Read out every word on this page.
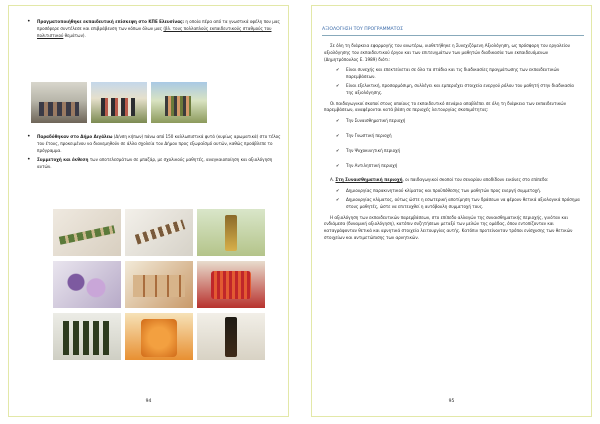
• Πραγματοποιήθηκε εκπαιδευτική επίσκεψη στο ΚΠΕ Ελευσίνας: η οποία πέρα από τα γνωστικά οφέλη που μας προσέφερε συντέλεσε και επιβράβευση των κόπων όλων μας (βλ. τους πολλαπλούς εκπαιδευτικούς σταθμούς του πολιτιστικού θεμάτων).
• Παραδόθηκαν στο Δήμο Αιγάλεω (Δ/νση κήπων) πάνω από 150 καλλωπιστικά φυτά (κυρίως αρωματικά) στο τέλος του έτους, προκειμένου να διανεμηθούν σε άλλα σχολεία του Δήμου προς εξωραϊσμό αυτών, καθώς προάβλεπε το πρόγραμμα.
• Συμμετοχή και έκθεση των αποτελεσμάτων σε μπαζάρ, με σχολικούς μαθητές, αναγκαιοποίηση και αξιολόγηση αυτών.
94
ΑΞΙΟΛΟΓΗΣΗ ΤΟΥ ΠΡΟΓΡΑΜΜΑΤΟΣ

Σε όλη τη διάρκεια εφαρμογής του ανωτέρω, υιοθετήθηκε η Συνεχιζόμενη Αξιολόγηση, ως πρόσφορη του εργαλείου αξιολόγησης του εκπαιδευτικού έργου και των επιτευγμάτων των μαθητών διαδικασία των εκπαιδευόμενων (Δημητρόπουλος Ε. 1989) διότι:

✔ Είναι συνεχής και επεκτείνεται σε όλα τα στάδια και τις διαδικασίες πραγμάτωσης των εκπαιδευτικών παρεμβάσεων.
✔ Είναι εξελικτική, προσαρμόσιμη, συλλέγει και εμπεριέχει στοιχεία ενεργού ρόλου του μαθητή στην διαδικασία της αξιολόγησης.

Οι παιδαγωγικοί σκοποί στους οποίους το εκπαιδευτικό σενάριο απαβλέπει σε όλη τη διάρκεια των εκπαιδευτικών παρεμβάσεων, αναφέρονται κατά βάση σε περιοχές λειτουργίας σκοπιμότητας:

✔ Την Συναισθηματική περιοχή
✔ Την Γνωστική περιοχή
✔ Την Ψυχοκινητική περιοχή
✔ Την Αντιληπτική περιοχή

Α. Στη Συναισθηματική περιοχή, οι παιδαγωγικοί σκοποί του σεναρίου αποδίδουν εικόνες στο επίπεδο:

✔ Δημιουργίας παρακινητικού κλίματος και προϋπόθεσης των μαθητών προς ενεργή συμμετοχή.
✔ Δημιουργίας κλίματος, ούτως ώστε η εσωτερική αποτίμηση των δράσεων να φέρουν θετικά αξιολογικά πρόσημα στους μαθητές, ώστε να επιτευχθεί η αυτόβουλη συμμετοχή τους.

Η αξιολόγηση των εκπαιδευτικών παρεμβάσεων, στο επίπεδο αλλαγών της συναισθηματικής περιοχής, γινόταν και ενδιάμεσα (δυναμική αξιολόγηση), κατόπιν συζητήσεων μεταξύ των μελών της ομάδας, όπου εντοπίζονταν και καταγράφονταν θετικά και αρνητικά στοιχεία λειτουργίας αυτής. Κατόπιν προτείνονταν τρόποι ενίσχυσης των θετικών στοιχείων και αντιμετώπισης των αρνητικών.

95
